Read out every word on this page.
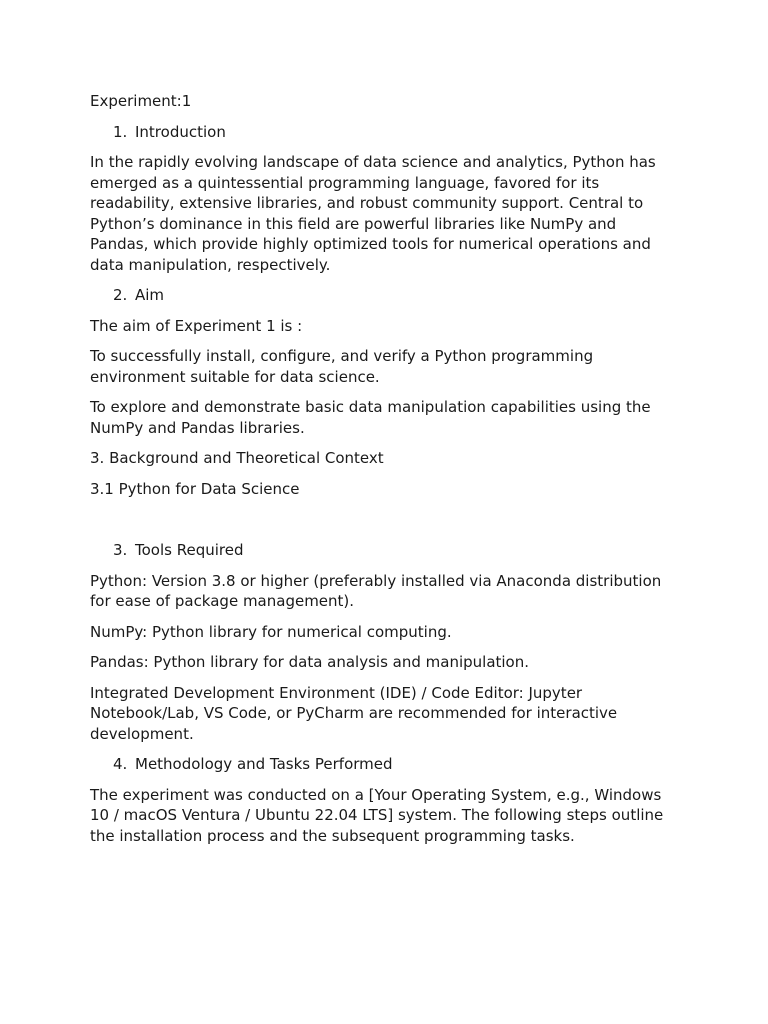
Experiment:1

1. Introduction

In the rapidly evolving landscape of data science and analytics, Python has emerged as a quintessential programming language, favored for its readability, extensive libraries, and robust community support. Central to Python’s dominance in this field are powerful libraries like NumPy and Pandas, which provide highly optimized tools for numerical operations and data manipulation, respectively.

2. Aim

The aim of Experiment 1 is :

To successfully install, configure, and verify a Python programming environment suitable for data science.

To explore and demonstrate basic data manipulation capabilities using the NumPy and Pandas libraries.

3. Background and Theoretical Context

3.1 Python for Data Science

3. Tools Required

Python: Version 3.8 or higher (preferably installed via Anaconda distribution for ease of package management).

NumPy: Python library for numerical computing.

Pandas: Python library for data analysis and manipulation.

Integrated Development Environment (IDE) / Code Editor: Jupyter Notebook/Lab, VS Code, or PyCharm are recommended for interactive development.

4. Methodology and Tasks Performed

The experiment was conducted on a [Your Operating System, e.g., Windows 10 / macOS Ventura / Ubuntu 22.04 LTS] system. The following steps outline the installation process and the subsequent programming tasks.
